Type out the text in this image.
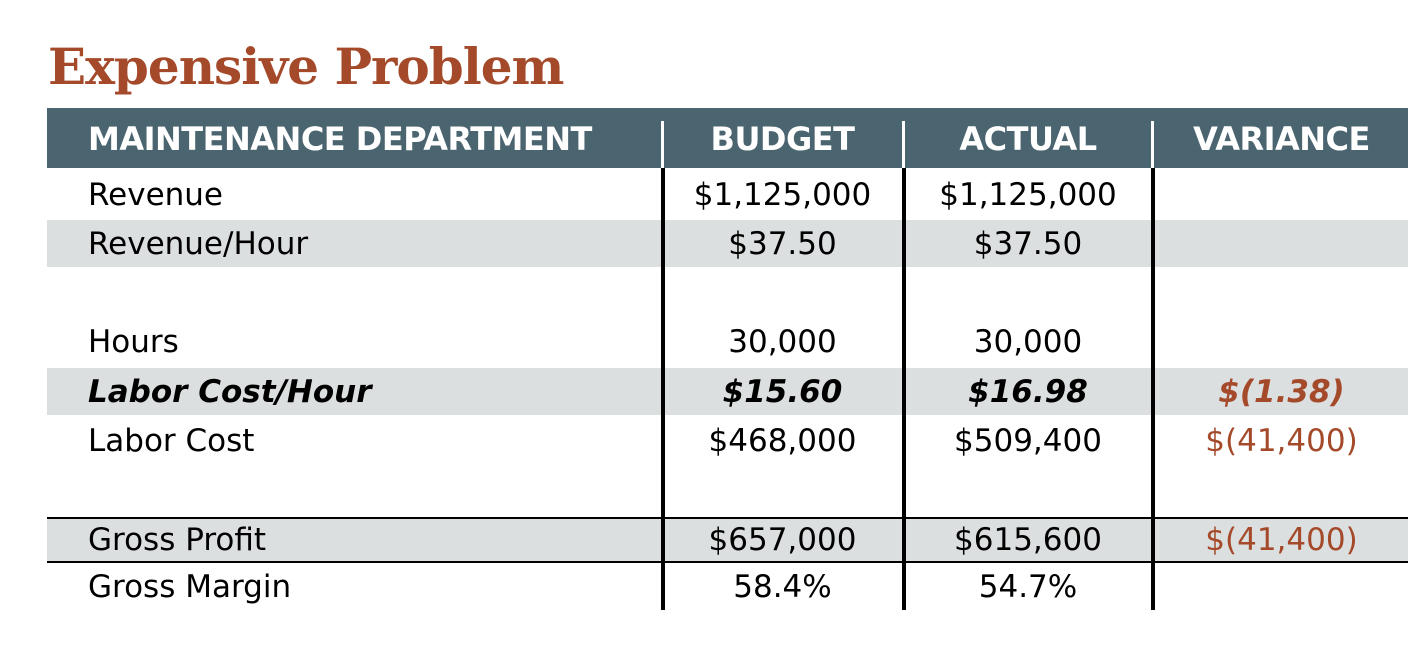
Expensive Problem
MAINTENANCE DEPARTMENT	BUDGET	ACTUAL	VARIANCE
Revenue	$1,125,000	$1,125,000
Revenue/Hour	$37.50	$37.50
Hours	30,000	30,000
Labor Cost/Hour	$15.60	$16.98	$(1.38)
Labor Cost	$468,000	$509,400	$(41,400)
Gross Profit	$657,000	$615,600	$(41,400)
Gross Margin	58.4%	54.7%
